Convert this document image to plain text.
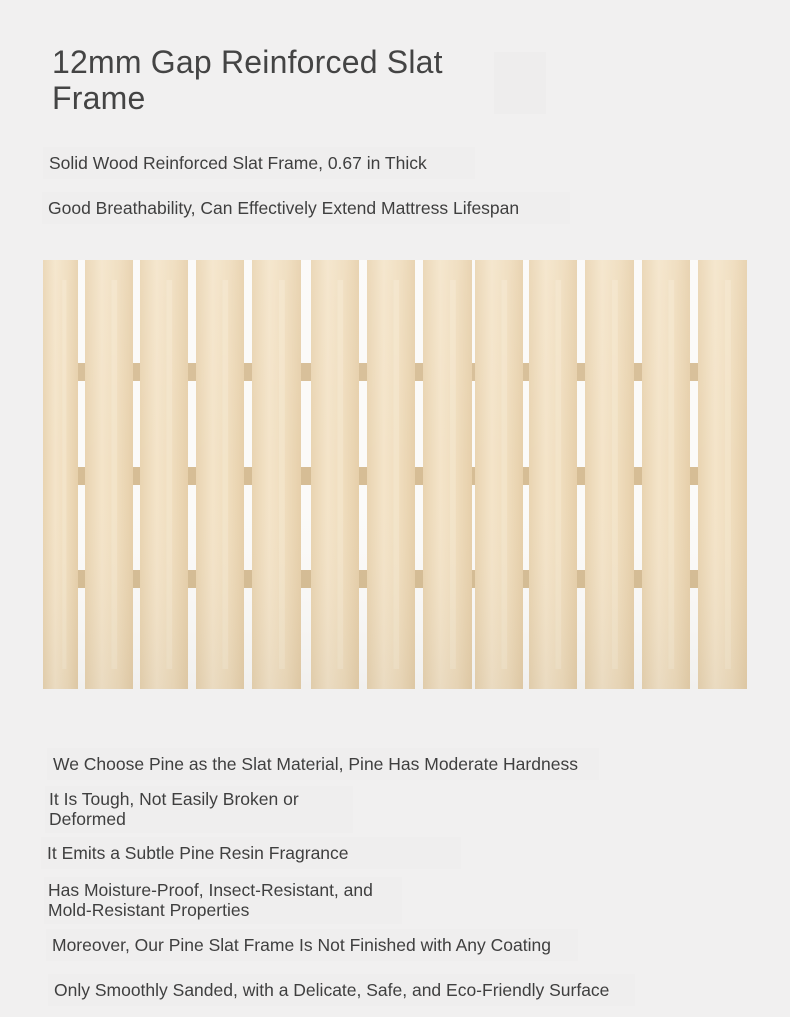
12mm Gap Reinforced Slat Frame

Solid Wood Reinforced Slat Frame, 0.67 in Thick

Good Breathability, Can Effectively Extend Mattress Lifespan

We Choose Pine as the Slat Material, Pine Has Moderate Hardness

It Is Tough, Not Easily Broken or Deformed

It Emits a Subtle Pine Resin Fragrance

Has Moisture-Proof, Insect-Resistant, and Mold-Resistant Properties

Moreover, Our Pine Slat Frame Is Not Finished with Any Coating

Only Smoothly Sanded, with a Delicate, Safe, and Eco-Friendly Surface
